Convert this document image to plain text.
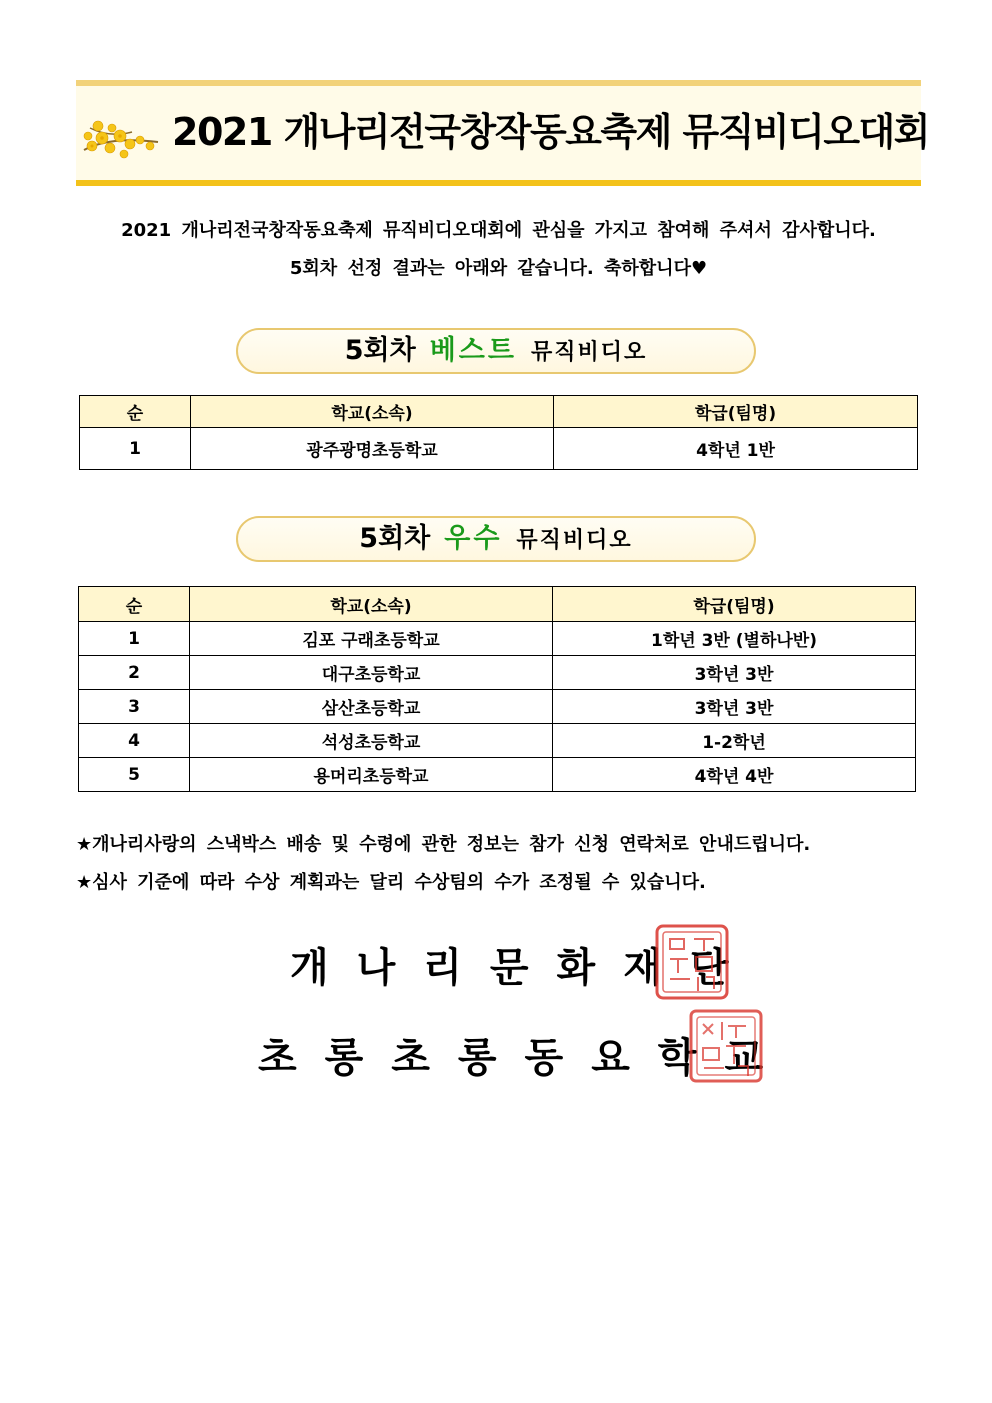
2021 개나리전국창작동요축제 뮤직비디오대회
2021 개나리전국창작동요축제 뮤직비디오대회에 관심을 가지고 참여해 주셔서 감사합니다.
5회차 선정 결과는 아래와 같습니다. 축하합니다♥
5회차 베스트 뮤직비디오
순	학교(소속)	학급(팀명)
1	광주광명초등학교	4학년 1반
5회차 우수 뮤직비디오
순	학교(소속)	학급(팀명)
1	김포 구래초등학교	1학년 3반 (별하나반)
2	대구초등학교	3학년 3반
3	삼산초등학교	3학년 3반
4	석성초등학교	1-2학년
5	용머리초등학교	4학년 4반
★개나리사랑의 스낵박스 배송 및 수령에 관한 정보는 참가 신청 연락처로 안내드립니다.
★심사 기준에 따라 수상 계획과는 달리 수상팀의 수가 조정될 수 있습니다.
개나리문화재단
초롱초롱동요학교
